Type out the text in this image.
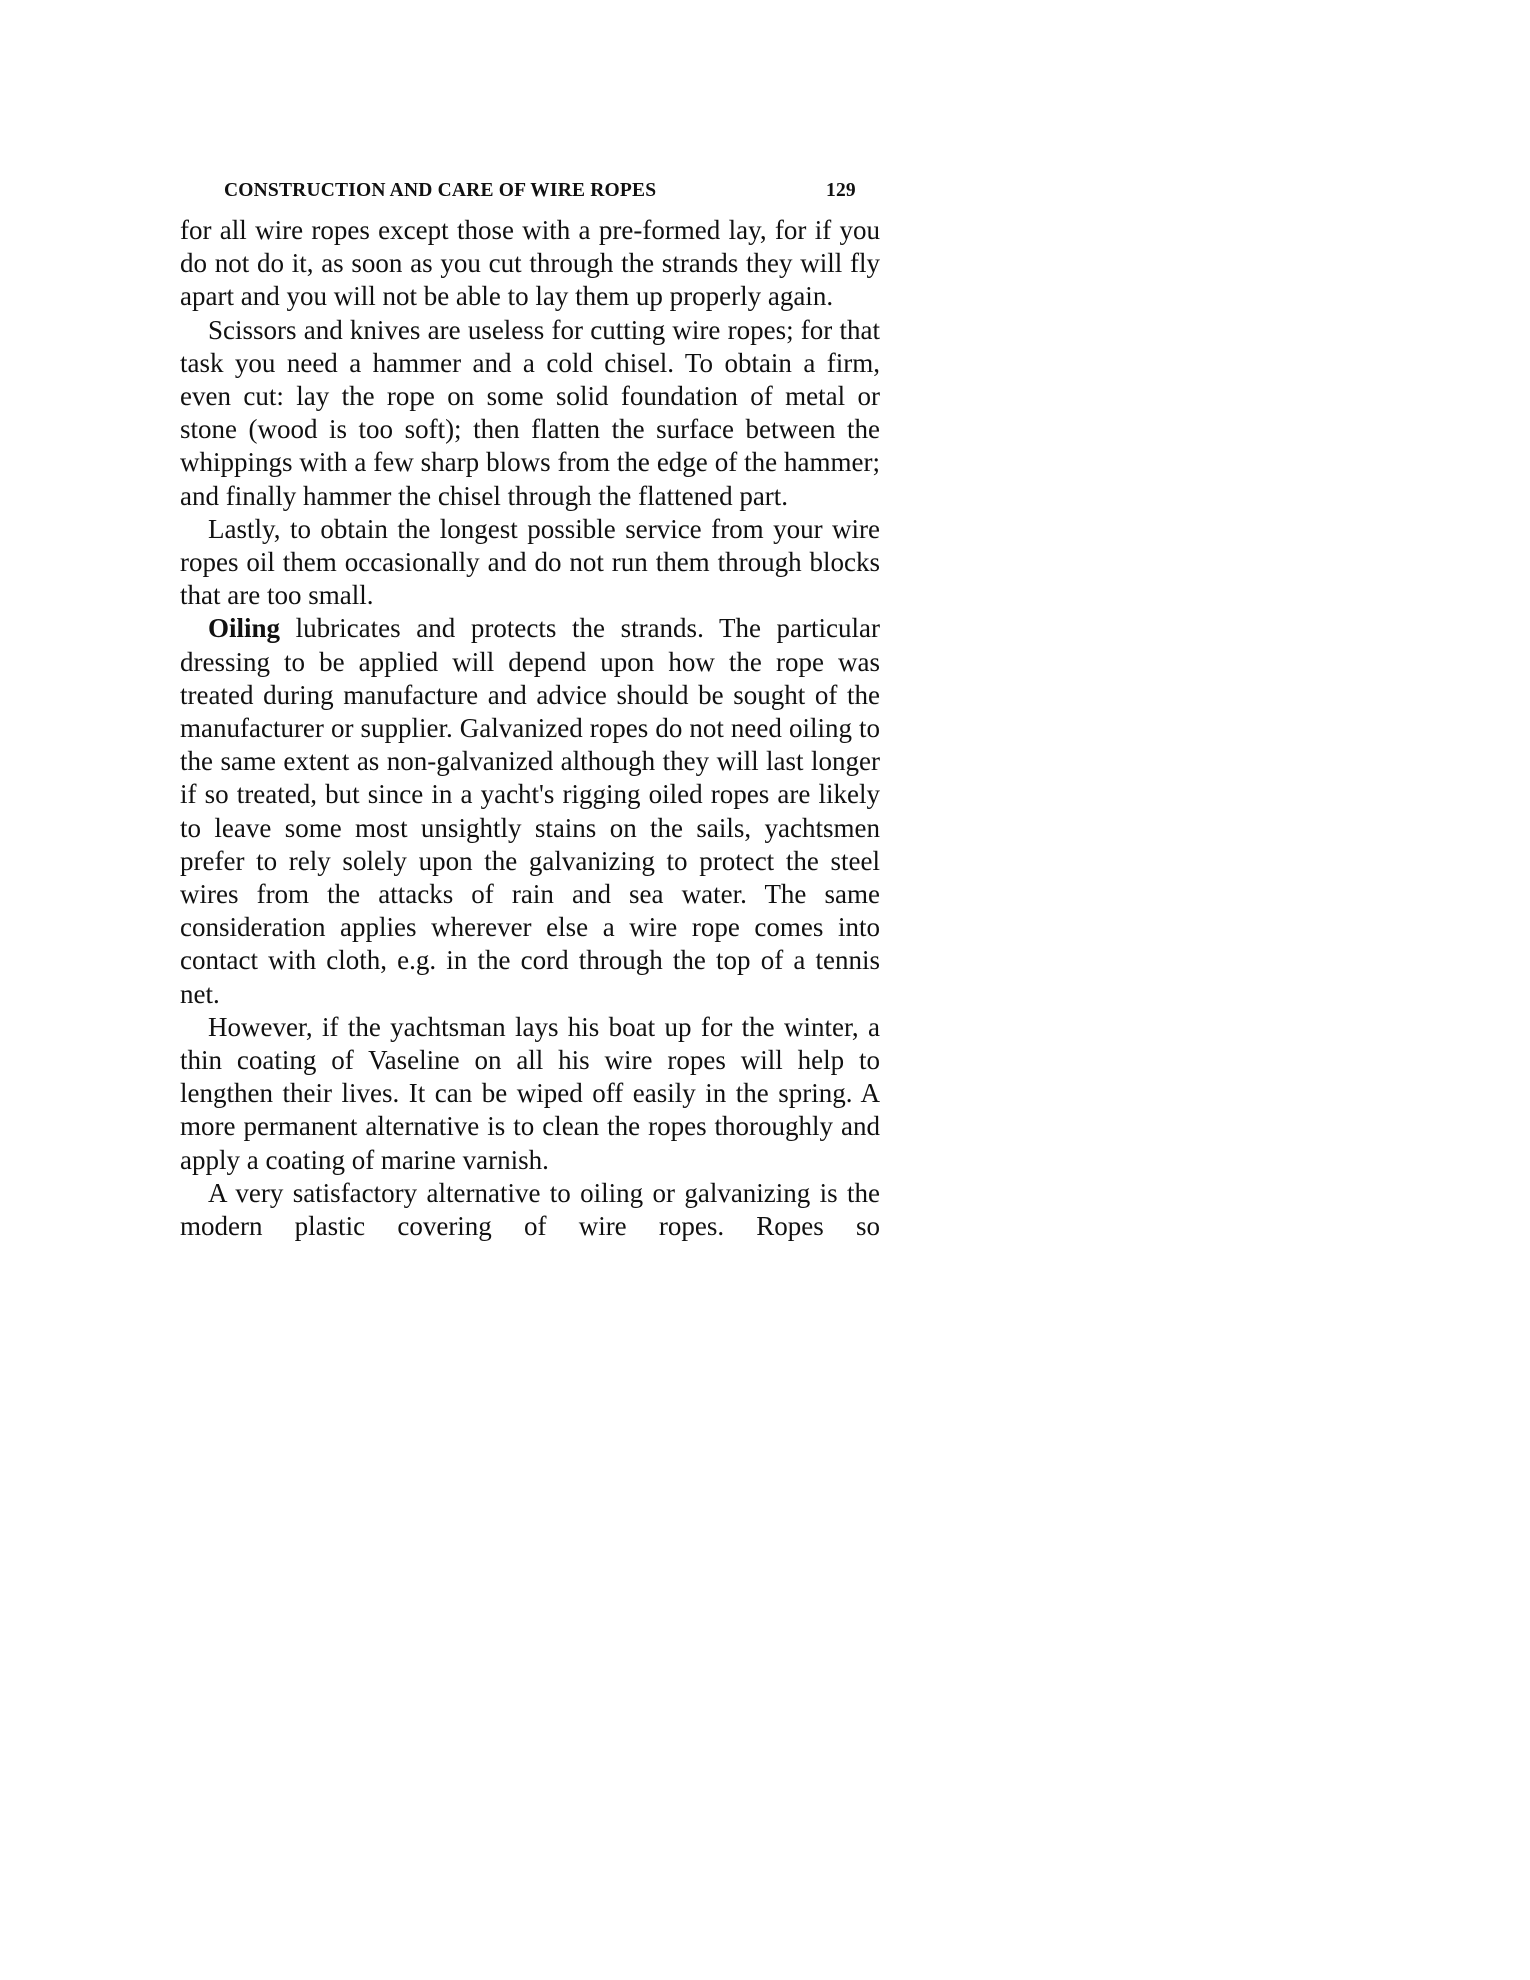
CONSTRUCTION AND CARE OF WIRE ROPES	129

for all wire ropes except those with a pre-formed lay, for if you do not do it, as soon as you cut through the strands they will fly apart and you will not be able to lay them up properly again.

Scissors and knives are useless for cutting wire ropes; for that task you need a hammer and a cold chisel. To obtain a firm, even cut: lay the rope on some solid foundation of metal or stone (wood is too soft); then flatten the surface between the whippings with a few sharp blows from the edge of the hammer; and finally hammer the chisel through the flattened part.

Lastly, to obtain the longest possible service from your wire ropes oil them occasionally and do not run them through blocks that are too small.

Oiling lubricates and protects the strands. The particular dressing to be applied will depend upon how the rope was treated during manufacture and advice should be sought of the manufacturer or supplier. Galvanized ropes do not need oiling to the same extent as non-galvanized although they will last longer if so treated, but since in a yacht's rigging oiled ropes are likely to leave some most unsightly stains on the sails, yachtsmen prefer to rely solely upon the galvanizing to protect the steel wires from the attacks of rain and sea water. The same consideration applies wherever else a wire rope comes into contact with cloth, e.g. in the cord through the top of a tennis net.

However, if the yachtsman lays his boat up for the winter, a thin coating of Vaseline on all his wire ropes will help to lengthen their lives. It can be wiped off easily in the spring. A more permanent alternative is to clean the ropes thoroughly and apply a coating of marine varnish.

A very satisfactory alternative to oiling or galvanizing is the modern plastic covering of wire ropes. Ropes so
